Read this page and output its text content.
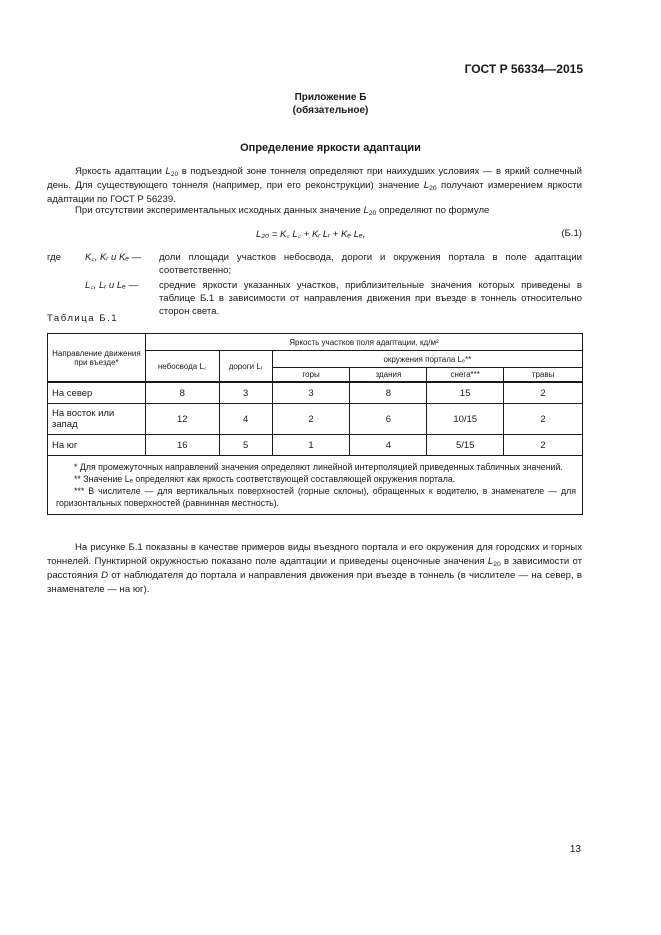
ГОСТ Р 56334—2015
Приложение Б
(обязательное)
Определение яркости адаптации
Яркость адаптации $L_{20}$ в подъездной зоне тоннеля определяют при наихудших условиях — в яркий солнечный день. Для существующего тоннеля (например, при его реконструкции) значение $L_{20}$ получают измерением яркости адаптации по ГОСТ Р 56239.
При отсутствии экспериментальных исходных данных значение $L_{20}$ определяют по формуле
L₂₀ = K꜀ L꜀ + Kᵣ Lᵣ + Kₑ Lₑ,	(Б.1)
где	K꜀, Kᵣ и Kₑ —	доли площади участков небосвода, дороги и окружения портала в поле адаптации соответственно;
L꜀, Lᵣ и Lₑ —	средние яркости указанных участков, приблизительные значения которых приведены в таблице Б.1 в зависимости от направления движения при въезде в тоннель относительно сторон света.
Таблица Б.1
Направление движения при въезде*	Яркость участков поля адаптации, кд/м²					
	небосвода L꜀	дороги Lᵣ	окружения портала Lₑ**			
			горы	здания	снега***	травы
На север	8	3	3	8	15	2
На восток или запад	12	4	2	6	10/15	2
На юг	16	5	1	4	5/15	2

* Для промежуточных направлений значения определяют линейной интерполяцией приведенных табличных значений.
** Значение Lₑ определяют как яркость соответствующей составляющей окружения портала.
*** В числителе — для вертикальных поверхностей (горные склоны), обращенных к водителю, в знаменателе — для горизонтальных поверхностей (равнинная местность).						
На рисунке Б.1 показаны в качестве примеров виды въездного портала и его окружения для городских и горных тоннелей. Пунктирной окружностью показано поле адаптации и приведены оценочные значения $L_{20}$ в зависимости от расстояния D от наблюдателя до портала и направления движения при въезде в тоннель (в числителе — на север, в знаменателе — на юг).
13
